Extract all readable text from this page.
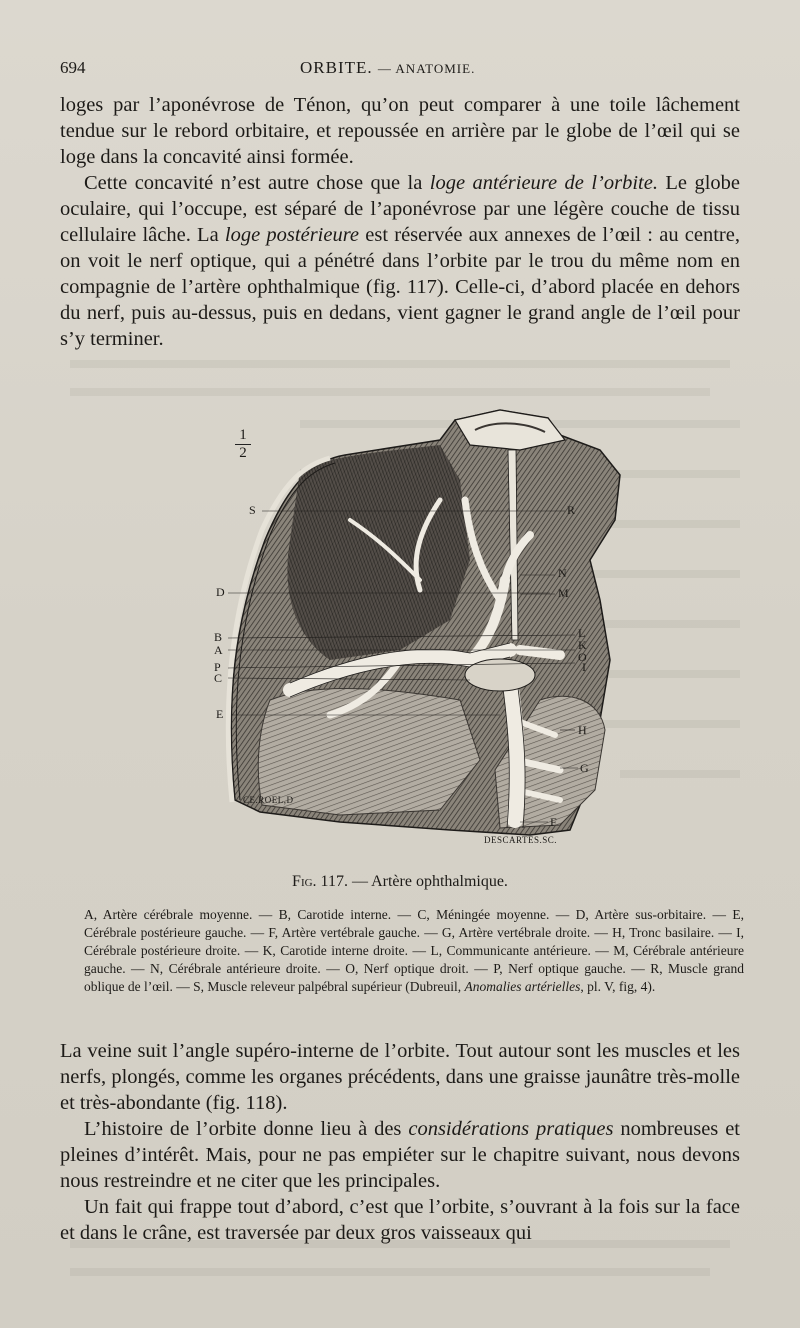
694	ORBITE. — ANATOMIE.

loges par l’aponévrose de Ténon, qu’on peut comparer à une toile lâchement tendue sur le rebord orbitaire, et repoussée en arrière par le globe de l’œil qui se loge dans la concavité ainsi formée.

Cette concavité n’est autre chose que la loge antérieure de l’orbite. Le globe oculaire, qui l’occupe, est séparé de l’aponévrose par une légère couche de tissu cellulaire lâche. La loge postérieure est réservée aux annexes de l’œil : au centre, on voit le nerf optique, qui a pénétré dans l’orbite par le trou du même nom en compagnie de l’artère ophthalmique (fig. 117). Celle-ci, d’abord placée en dehors du nerf, puis au-dessus, puis en dedans, vient gagner le grand angle de l’œil pour s’y terminer.

1
2
S	R
N
M
D
L
K
O
I
B
A
P
C
E
H
G
F
CE.ROEL,D
DESCARTES.SC.
Fig. 117. — Artère ophthalmique.
A, Artère cérébrale moyenne. — B, Carotide interne. — C, Méningée moyenne. — D, Artère sus-orbitaire. — E, Cérébrale postérieure gauche. — F, Artère vertébrale gauche. — G, Artère vertébrale droite. — H, Tronc basilaire. — I, Cérébrale postérieure droite. — K, Carotide interne droite. — L, Communicante antérieure. — M, Cérébrale antérieure gauche. — N, Cérébrale antérieure droite. — O, Nerf optique droit. — P, Nerf optique gauche. — R, Muscle grand oblique de l’œil. — S, Muscle releveur palpébral supérieur (Dubreuil, Anomalies artérielles, pl. V, fig, 4).

La veine suit l’angle supéro-interne de l’orbite. Tout autour sont les muscles et les nerfs, plongés, comme les organes précédents, dans une graisse jaunâtre très-molle et très-abondante (fig. 118).

L’histoire de l’orbite donne lieu à des considérations pratiques nombreuses et pleines d’intérêt. Mais, pour ne pas empiéter sur le chapitre suivant, nous devons nous restreindre et ne citer que les principales.

Un fait qui frappe tout d’abord, c’est que l’orbite, s’ouvrant à la fois sur la face et dans le crâne, est traversée par deux gros vaisseaux qui
